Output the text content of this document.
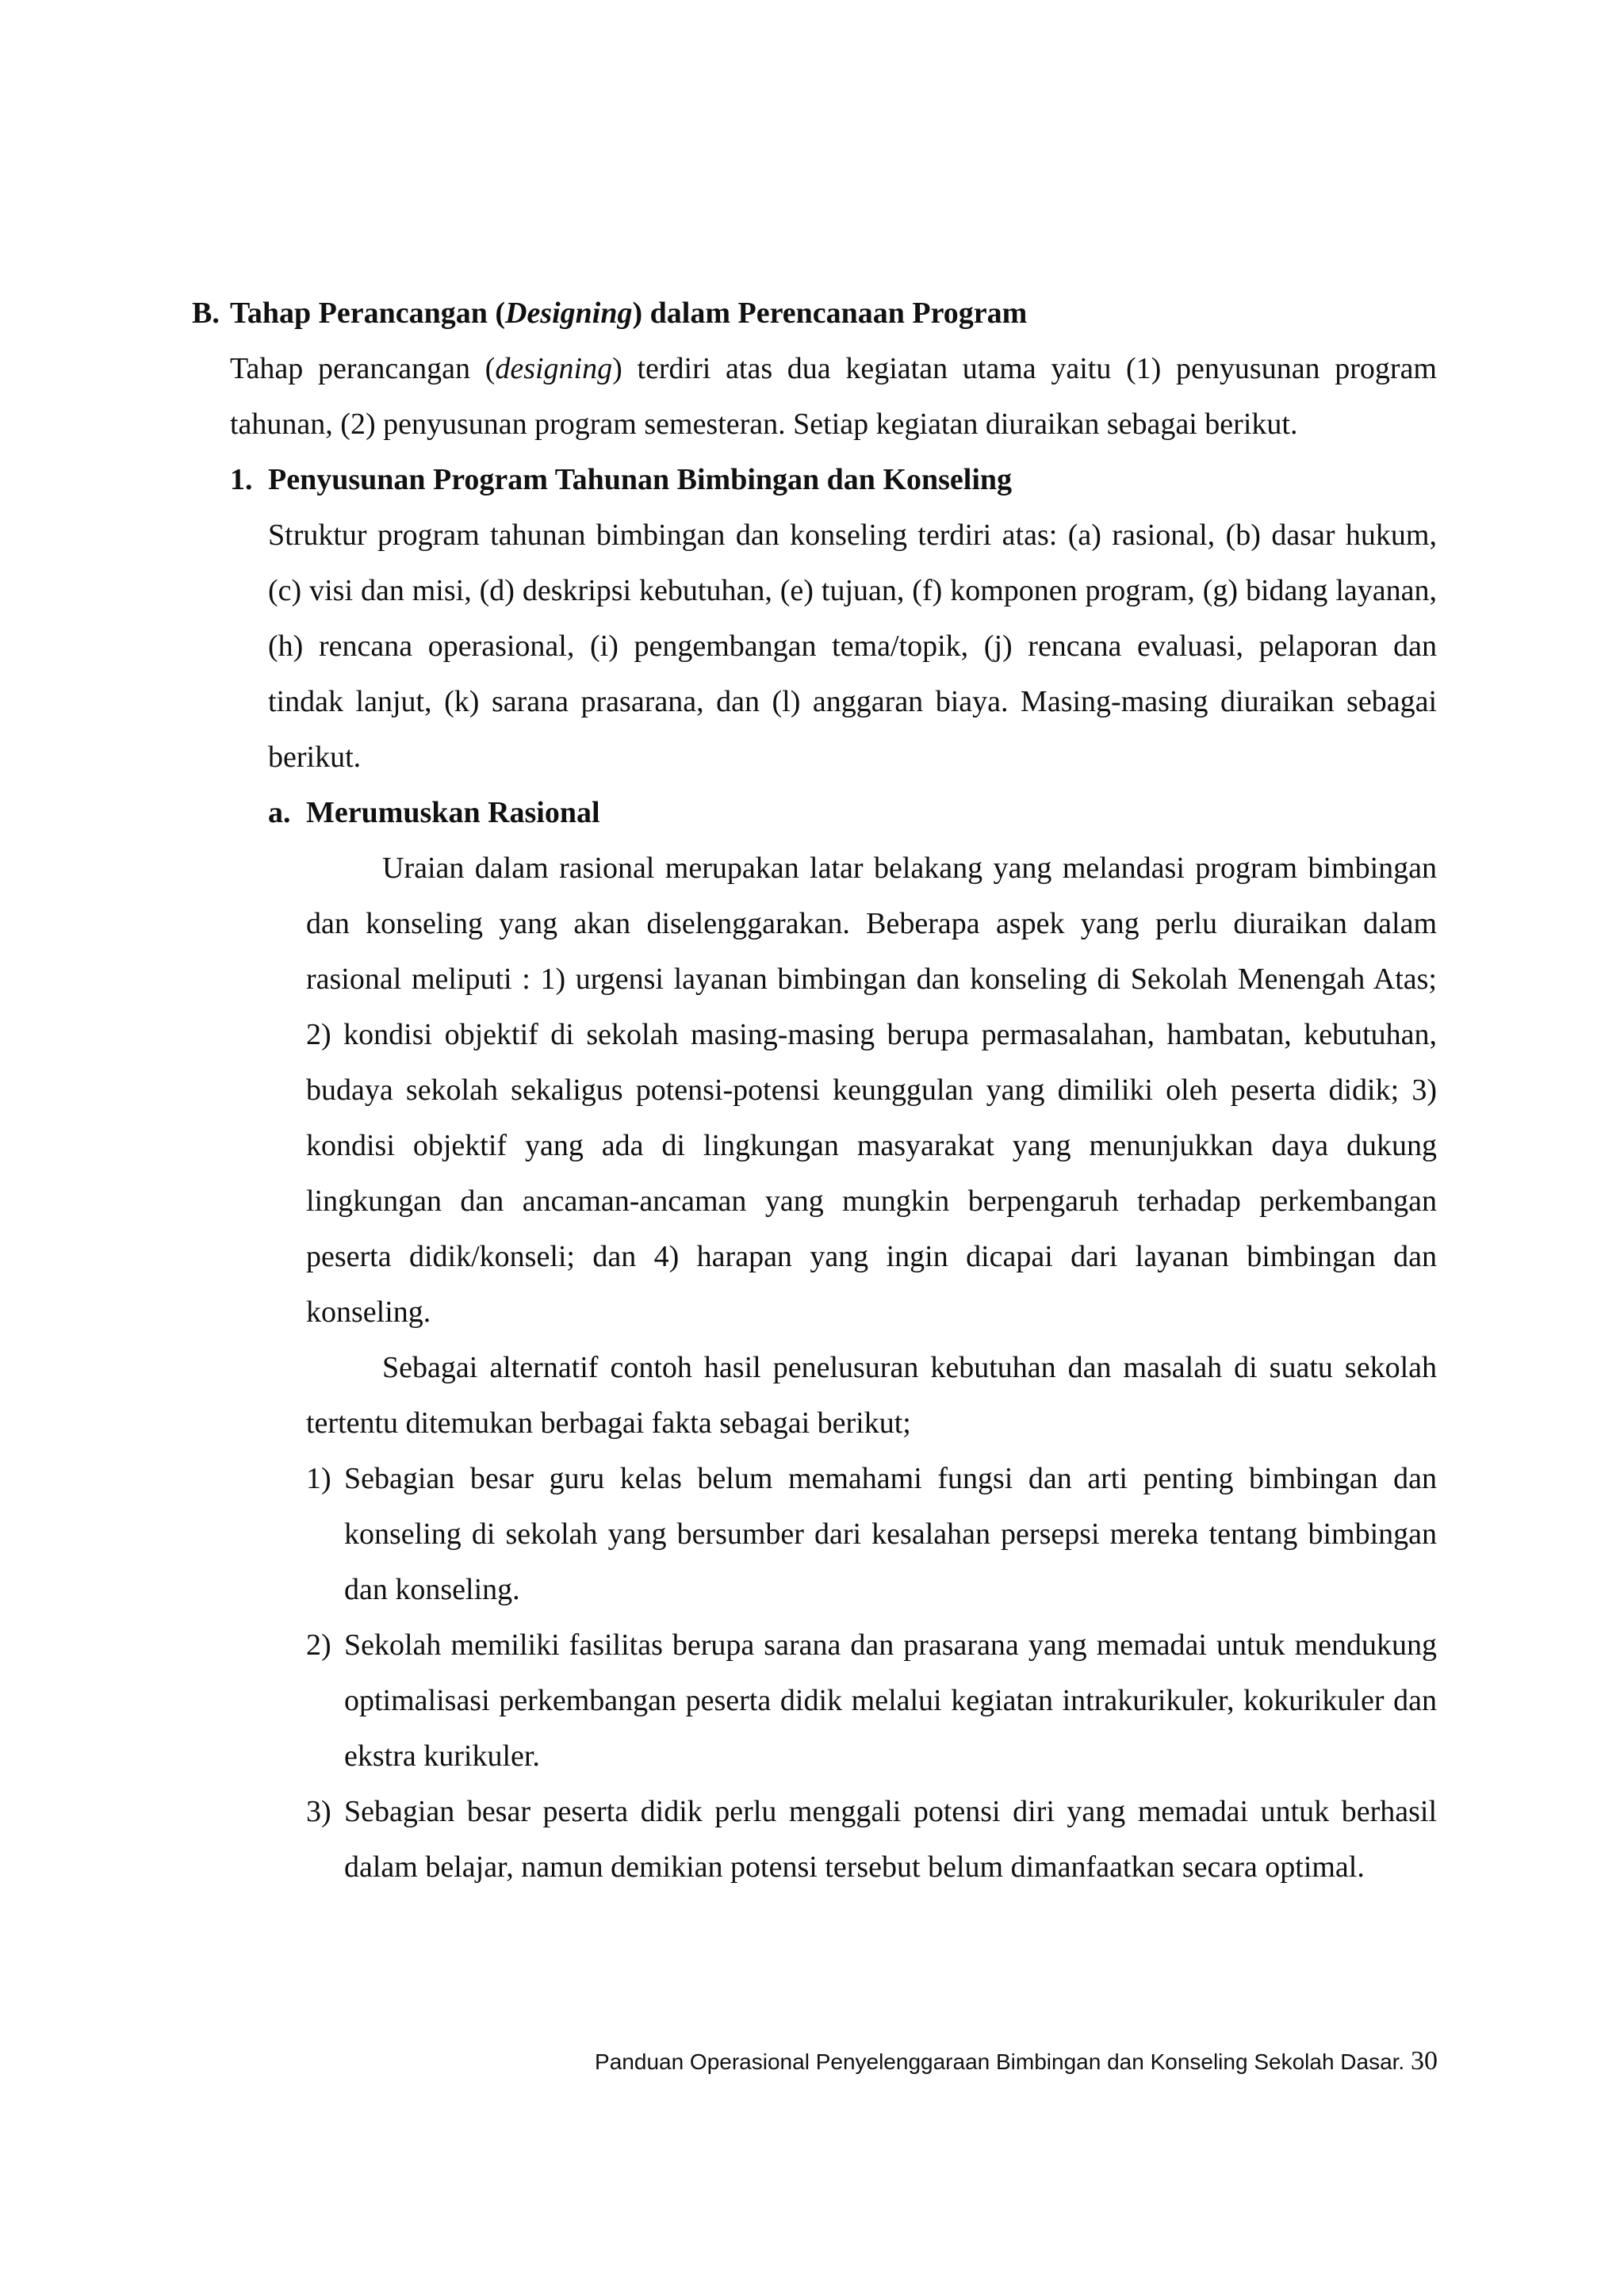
B. Tahap Perancangan (Designing) dalam Perencanaan Program

Tahap perancangan (designing) terdiri atas dua kegiatan utama yaitu (1) penyusunan program tahunan, (2) penyusunan program semesteran. Setiap kegiatan diuraikan sebagai berikut.

1. Penyusunan Program Tahunan Bimbingan dan Konseling

Struktur program tahunan bimbingan dan konseling terdiri atas: (a) rasional, (b) dasar hukum, (c) visi dan misi, (d) deskripsi kebutuhan, (e) tujuan, (f) komponen program, (g) bidang layanan, (h) rencana operasional, (i) pengembangan tema/topik, (j) rencana evaluasi, pelaporan dan tindak lanjut, (k) sarana prasarana, dan (l) anggaran biaya. Masing-masing diuraikan sebagai berikut.

a. Merumuskan Rasional

Uraian dalam rasional merupakan latar belakang yang melandasi program bimbingan dan konseling yang akan diselenggarakan. Beberapa aspek yang perlu diuraikan dalam rasional meliputi : 1) urgensi layanan bimbingan dan konseling di Sekolah Menengah Atas; 2) kondisi objektif di sekolah masing-masing berupa permasalahan, hambatan, kebutuhan, budaya sekolah sekaligus potensi-potensi keunggulan yang dimiliki oleh peserta didik; 3) kondisi objektif yang ada di lingkungan masyarakat yang menunjukkan daya dukung lingkungan dan ancaman-ancaman yang mungkin berpengaruh terhadap perkembangan peserta didik/konseli; dan 4) harapan yang ingin dicapai dari layanan bimbingan dan konseling.

Sebagai alternatif contoh hasil penelusuran kebutuhan dan masalah di suatu sekolah tertentu ditemukan berbagai fakta sebagai berikut;

1) Sebagian besar guru kelas belum memahami fungsi dan arti penting bimbingan dan konseling di sekolah yang bersumber dari kesalahan persepsi mereka tentang bimbingan dan konseling.
2) Sekolah memiliki fasilitas berupa sarana dan prasarana yang memadai untuk mendukung optimalisasi perkembangan peserta didik melalui kegiatan intrakurikuler, kokurikuler dan ekstra kurikuler.
3) Sebagian besar peserta didik perlu menggali potensi diri yang memadai untuk berhasil dalam belajar, namun demikian potensi tersebut belum dimanfaatkan secara optimal.
Panduan Operasional Penyelenggaraan Bimbingan dan Konseling Sekolah Dasar. 30
